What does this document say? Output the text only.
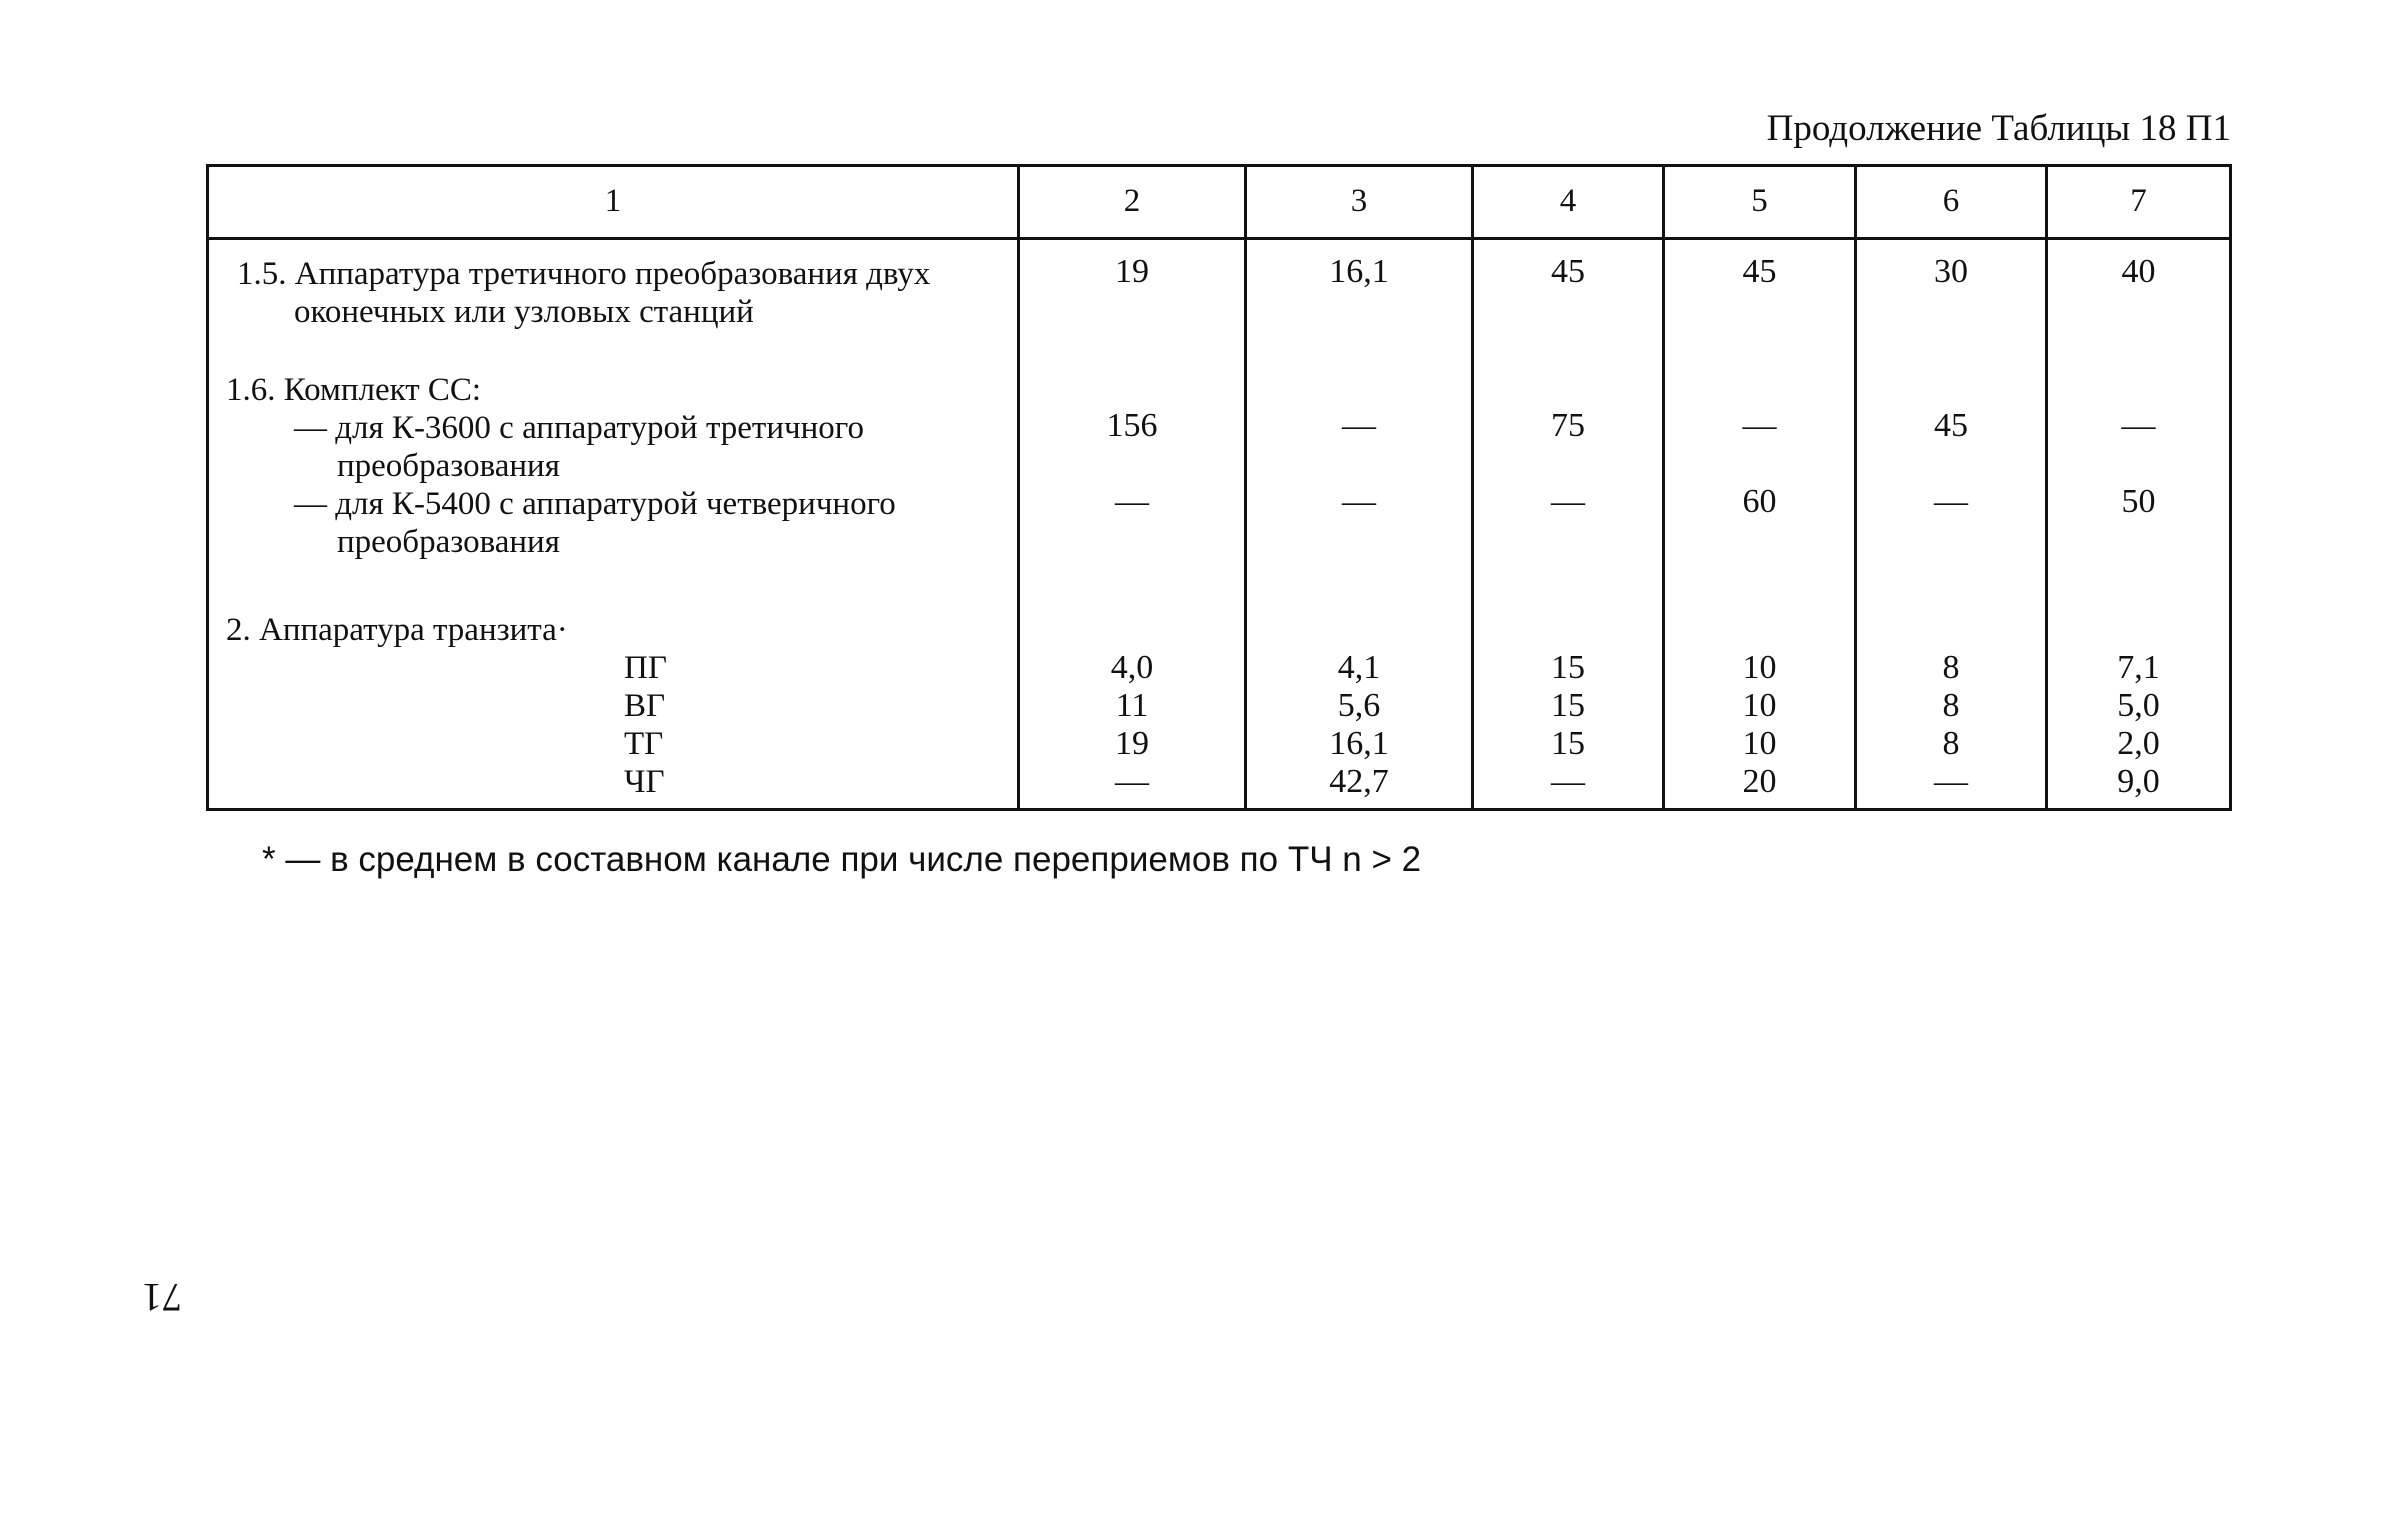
Продолжение Таблицы 18 П1
1	2	3	4	5	6	7
1.5. Аппаратура третичного преобразования двух
оконечных или узловых станций
19	16,1	45	45	30	40
1.6. Комплект СС:
— для К-3600 с аппаратурой третичного
преобразования
156	—	75	—	45	—
— для К-5400 с аппаратурой четверичного
преобразования
—	—	—	60	—	50
2. Аппаратура транзита·
ПГ	4,0	4,1	15	10	8	7,1
ВГ	11	5,6	15	10	8	5,0
ТГ	19	16,1	15	10	8	2,0
ЧГ	—	42,7	—	20	—	9,0
* — в среднем в составном канале при числе переприемов по ТЧ n > 2
71
